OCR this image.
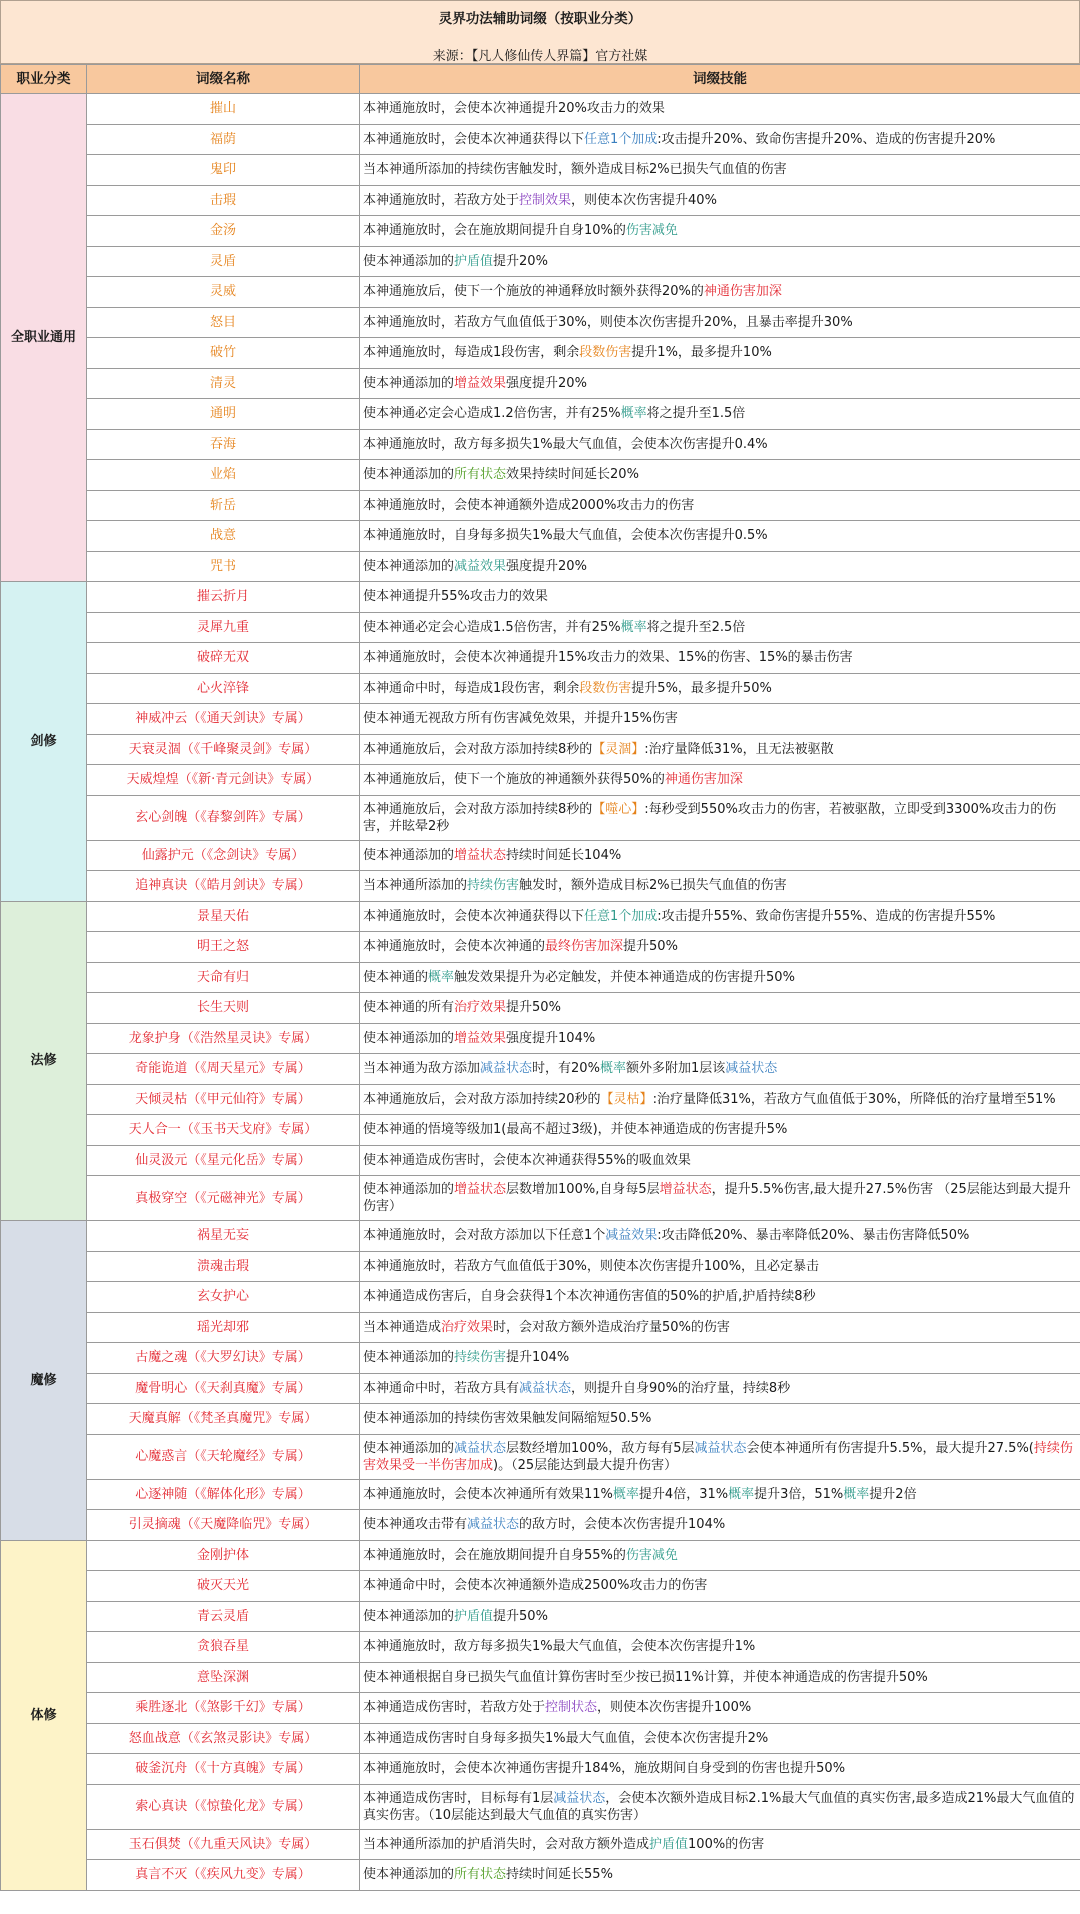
灵界功法辅助词缀（按职业分类）
来源：【凡人修仙传人界篇】官方社媒
职业分类	词缀名称	词缀技能
全职业通用	摧山	本神通施放时，会使本次神通提升20%攻击力的效果
	福荫	本神通施放时，会使本次神通获得以下任意1个加成:攻击提升20%、致命伤害提升20%、造成的伤害提升20%
	鬼印	当本神通所添加的持续伤害触发时，额外造成目标2%已损失气血值的伤害
	击瑕	本神通施放时，若敌方处于控制效果，则使本次伤害提升40%
	金汤	本神通施放时，会在施放期间提升自身10%的伤害减免
	灵盾	使本神通添加的护盾值提升20%
	灵威	本神通施放后，使下一个施放的神通释放时额外获得20%的神通伤害加深
	怒目	本神通施放时，若敌方气血值低于30%，则使本次伤害提升20%，且暴击率提升30%
	破竹	本神通施放时，每造成1段伤害，剩余段数伤害提升1%，最多提升10%
	清灵	使本神通添加的增益效果强度提升20%
	通明	使本神通必定会心造成1.2倍伤害，并有25%概率将之提升至1.5倍
	吞海	本神通施放时，敌方每多损失1%最大气血值，会使本次伤害提升0.4%
	业焰	使本神通添加的所有状态效果持续时间延长20%
	斩岳	本神通施放时，会使本神通额外造成2000%攻击力的伤害
	战意	本神通施放时，自身每多损失1%最大气血值，会使本次伤害提升0.5%
	咒书	使本神通添加的减益效果强度提升20%
剑修	摧云折月	使本神通提升55%攻击力的效果
	灵犀九重	使本神通必定会心造成1.5倍伤害，并有25%概率将之提升至2.5倍
	破碎无双	本神通施放时，会使本次神通提升15%攻击力的效果、15%的伤害、15%的暴击伤害
	心火淬锋	本神通命中时，每造成1段伤害，剩余段数伤害提升5%，最多提升50%
	神威冲云（《通天剑诀》专属）	使本神通无视敌方所有伤害减免效果，并提升15%伤害
	天衰灵涸（《千峰聚灵剑》专属）	本神通施放后，会对敌方添加持续8秒的【灵涸】:治疗量降低31%，且无法被驱散
	天威煌煌（《新·青元剑诀》专属）	本神通施放后，使下一个施放的神通额外获得50%的神通伤害加深
	玄心剑魄（《春黎剑阵》专属）	本神通施放后，会对敌方添加持续8秒的【噬心】:每秒受到550%攻击力的伤害，若被驱散，立即受到3300%攻击力的伤害，并眩晕2秒
	仙露护元（《念剑诀》专属）	使本神通添加的增益状态持续时间延长104%
	追神真诀（《皓月剑诀》专属）	当本神通所添加的持续伤害触发时，额外造成目标2%已损失气血值的伤害
法修	景星天佑	本神通施放时，会使本次神通获得以下任意1个加成:攻击提升55%、致命伤害提升55%、造成的伤害提升55%
	明王之怒	本神通施放时，会使本次神通的最终伤害加深提升50%
	天命有归	使本神通的概率触发效果提升为必定触发，并使本神通造成的伤害提升50%
	长生天则	使本神通的所有治疗效果提升50%
	龙象护身（《浩然星灵诀》专属）	使本神通添加的增益效果强度提升104%
	奇能诡道（《周天星元》专属）	当本神通为敌方添加减益状态时，有20%概率额外多附加1层该减益状态
	天倾灵枯（《甲元仙符》专属）	本神通施放后，会对敌方添加持续20秒的【灵枯】:治疗量降低31%，若敌方气血值低于30%，所降低的治疗量增至51%
	天人合一（《玉书天戈府》专属）	使本神通的悟境等级加1(最高不超过3级)，并使本神通造成的伤害提升5%
	仙灵汲元（《星元化岳》专属）	使本神通造成伤害时，会使本次神通获得55%的吸血效果
	真极穿空（《元磁神光》专属）	使本神通添加的增益状态层数增加100%,自身每5层增益状态，提升5.5%伤害,最大提升27.5%伤害 （25层能达到最大提升伤害）
魔修	祸星无妄	本神通施放时，会对敌方添加以下任意1个减益效果:攻击降低20%、暴击率降低20%、暴击伤害降低50%
	溃魂击瑕	本神通施放时，若敌方气血值低于30%，则使本次伤害提升100%，且必定暴击
	玄女护心	本神通造成伤害后，自身会获得1个本次神通伤害值的50%的护盾,护盾持续8秒
	瑶光却邪	当本神通造成治疗效果时，会对敌方额外造成治疗量50%的伤害
	古魔之魂（《大罗幻诀》专属）	使本神通添加的持续伤害提升104%
	魔骨明心（《天刹真魔》专属）	本神通命中时，若敌方具有减益状态，则提升自身90%的治疗量，持续8秒
	天魔真解（《梵圣真魔咒》专属）	使本神通添加的持续伤害效果触发间隔缩短50.5%
	心魔惑言（《天轮魔经》专属）	使本神通添加的减益状态层数经增加100%，敌方每有5层减益状态会使本神通所有伤害提升5.5%，最大提升27.5%(持续伤害效果受一半伤害加成)。（25层能达到最大提升伤害）
	心逐神随（《解体化形》专属）	本神通施放时，会使本次神通所有效果11%概率提升4倍，31%概率提升3倍，51%概率提升2倍
	引灵摘魂（《天魔降临咒》专属）	使本神通攻击带有减益状态的敌方时，会使本次伤害提升104%
体修	金刚护体	本神通施放时，会在施放期间提升自身55%的伤害减免
	破灭天光	本神通命中时，会使本次神通额外造成2500%攻击力的伤害
	青云灵盾	使本神通添加的护盾值提升50%
	贪狼吞星	本神通施放时，敌方每多损失1%最大气血值，会使本次伤害提升1%
	意坠深渊	使本神通根据自身已损失气血值计算伤害时至少按已损11%计算，并使本神通造成的伤害提升50%
	乘胜逐北（《煞影千幻》专属）	本神通造成伤害时，若敌方处于控制状态，则使本次伤害提升100%
	怒血战意（《玄煞灵影诀》专属）	本神通造成伤害时自身每多损失1%最大气血值，会使本次伤害提升2%
	破釜沉舟（《十方真魄》专属）	本神通施放时，会使本次神通伤害提升184%，施放期间自身受到的伤害也提升50%
	索心真诀（《惊蛰化龙》专属）	本神通造成伤害时，目标每有1层减益状态，会使本次额外造成目标2.1%最大气血值的真实伤害,最多造成21%最大气血值的真实伤害。（10层能达到最大气血值的真实伤害）
	玉石俱焚（《九重天风诀》专属）	当本神通所添加的护盾消失时，会对敌方额外造成护盾值100%的伤害
	真言不灭（《疾风九变》专属）	使本神通添加的所有状态持续时间延长55%
